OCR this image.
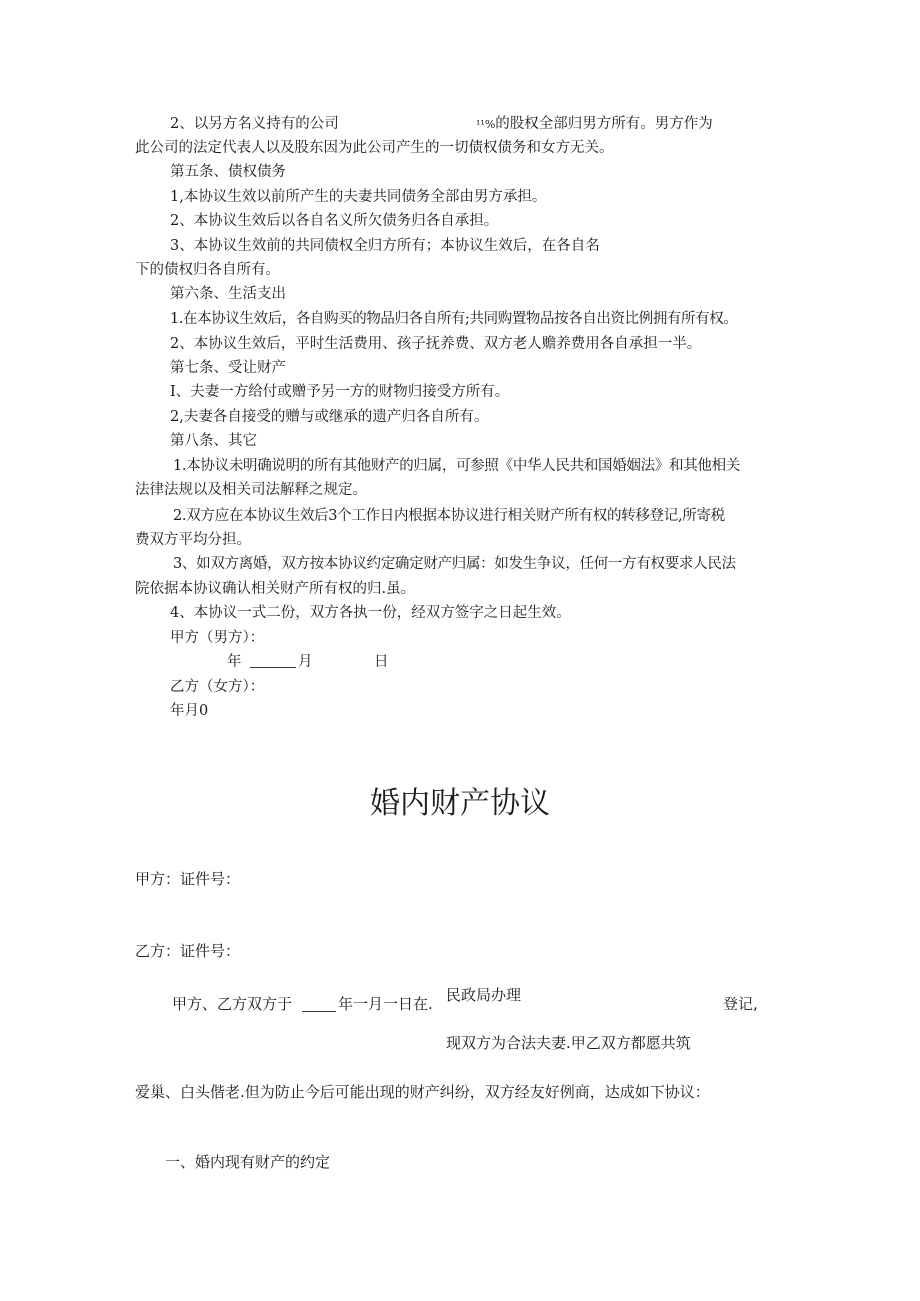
2、以另方名义持有的公司	¹¹%的股权全部归男方所有。男方作为
此公司的法定代表人以及股东因为此公司产生的一切债权债务和女方无关。
第五条、债权债务
1,本协议生效以前所产生的夫妻共同债务全部由男方承担。
2、本协议生效后以各自名义所欠债务归各自承担。
3、本协议生效前的共同债权全归方所有；本协议生效后，在各自名
下的债权归各自所有。
第六条、生活支出
1.在本协议生效后，各自购买的物品归各自所有;共同购置物品按各自出资比例拥有所有权。
2、本协议生效后，平时生活费用、孩子抚养费、双方老人赡养费用各自承担一半。
第七条、受让财产
I、夫妻一方给付或赠予另一方的财物归接受方所有。
2,夫妻各自接受的赠与或继承的遗产归各自所有。
第八条、其它
1.本协议未明确说明的所有其他财产的归属，可参照《中华人民共和国婚姻法》和其他相关
法律法规以及相关司法解释之规定。
2.双方应在本协议生效后3个工作日内根据本协议进行相关财产所有权的转移登记,所寄税
费双方平均分担。
3、如双方离婚，双方按本协议约定确定财产归属：如发生争议，任何一方有权要求人民法
院依据本协议确认相关财产所有权的归.虽。
4、本协议一式二份，双方各执一份，经双方签字之日起生效。
甲方（男方）：
年	月	日
乙方（女方）：
年月0
婚内财产协议
甲方：证件号：
乙方：证件号：
甲方、乙方双方于	年一月一日在. 民政局办理	登记,
现双方为合法夫妻.甲乙双方都愿共筑
爱巢、白头偕老.但为防止今后可能出现的财产纠纷，双方经友好例商，达成如下协议：
一、婚内现有财产的约定
